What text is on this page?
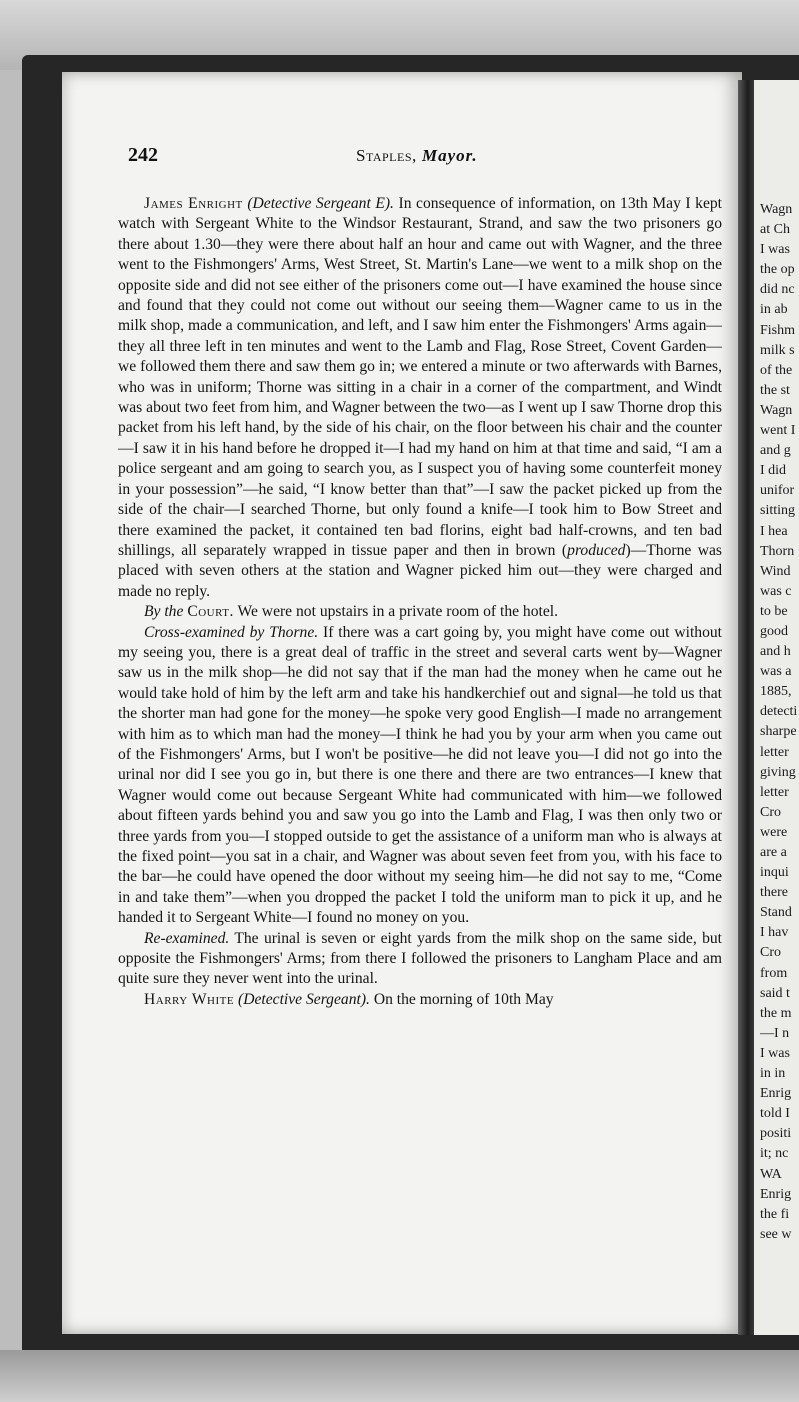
242	Staples, Mayor.

James Enright (Detective Sergeant E). In consequence of information, on 13th May I kept watch with Sergeant White to the Windsor Restaurant, Strand, and saw the two prisoners go there about 1.30—they were there about half an hour and came out with Wagner, and the three went to the Fishmongers' Arms, West Street, St. Martin's Lane—we went to a milk shop on the opposite side and did not see either of the prisoners come out—I have examined the house since and found that they could not come out without our seeing them—Wagner came to us in the milk shop, made a communication, and left, and I saw him enter the Fishmongers' Arms again—they all three left in ten minutes and went to the Lamb and Flag, Rose Street, Covent Garden—we followed them there and saw them go in; we entered a minute or two afterwards with Barnes, who was in uniform; Thorne was sitting in a chair in a corner of the compartment, and Windt was about two feet from him, and Wagner between the two—as I went up I saw Thorne drop this packet from his left hand, by the side of his chair, on the floor between his chair and the counter—I saw it in his hand before he dropped it—I had my hand on him at that time and said, “I am a police sergeant and am going to search you, as I suspect you of having some counterfeit money in your possession”—he said, “I know better than that”—I saw the packet picked up from the side of the chair—I searched Thorne, but only found a knife—I took him to Bow Street and there examined the packet, it contained ten bad florins, eight bad half-crowns, and ten bad shillings, all separately wrapped in tissue paper and then in brown (produced)—Thorne was placed with seven others at the station and Wagner picked him out—they were charged and made no reply.

By the Court. We were not upstairs in a private room of the hotel.

Cross-examined by Thorne. If there was a cart going by, you might have come out without my seeing you, there is a great deal of traffic in the street and several carts went by—Wagner saw us in the milk shop—he did not say that if the man had the money when he came out he would take hold of him by the left arm and take his handkerchief out and signal—he told us that the shorter man had gone for the money—he spoke very good English—I made no arrangement with him as to which man had the money—I think he had you by your arm when you came out of the Fishmongers' Arms, but I won't be positive—he did not leave you—I did not go into the urinal nor did I see you go in, but there is one there and there are two entrances—I knew that Wagner would come out because Sergeant White had communicated with him—we followed about fifteen yards behind you and saw you go into the Lamb and Flag, I was then only two or three yards from you—I stopped outside to get the assistance of a uniform man who is always at the fixed point—you sat in a chair, and Wagner was about seven feet from you, with his face to the bar—he could have opened the door without my seeing him—he did not say to me, “Come in and take them”—when you dropped the packet I told the uniform man to pick it up, and he handed it to Sergeant White—I found no money on you.

Re-examined. The urinal is seven or eight yards from the milk shop on the same side, but opposite the Fishmongers' Arms; from there I followed the prisoners to Langham Place and am quite sure they never went into the urinal.

Harry White (Detective Sergeant). On the morning of 10th May

Wagn
at Ch
I was
the op
did nc
in ab
Fishm
milk s
of the
the st
Wagn
went I
and g
I did
unifor
sitting
I hea
Thorn
Wind
was c
to be
good
and h
was a
1885,
detecti
sharpe
letter
giving
letter
Cro
were
are a
inqui
there
Stand
I hav
Cro
from
said t
the m
—I n
I was
in in
Enrig
told I
positi
it; nc
WA
Enrig
the fi
see w
